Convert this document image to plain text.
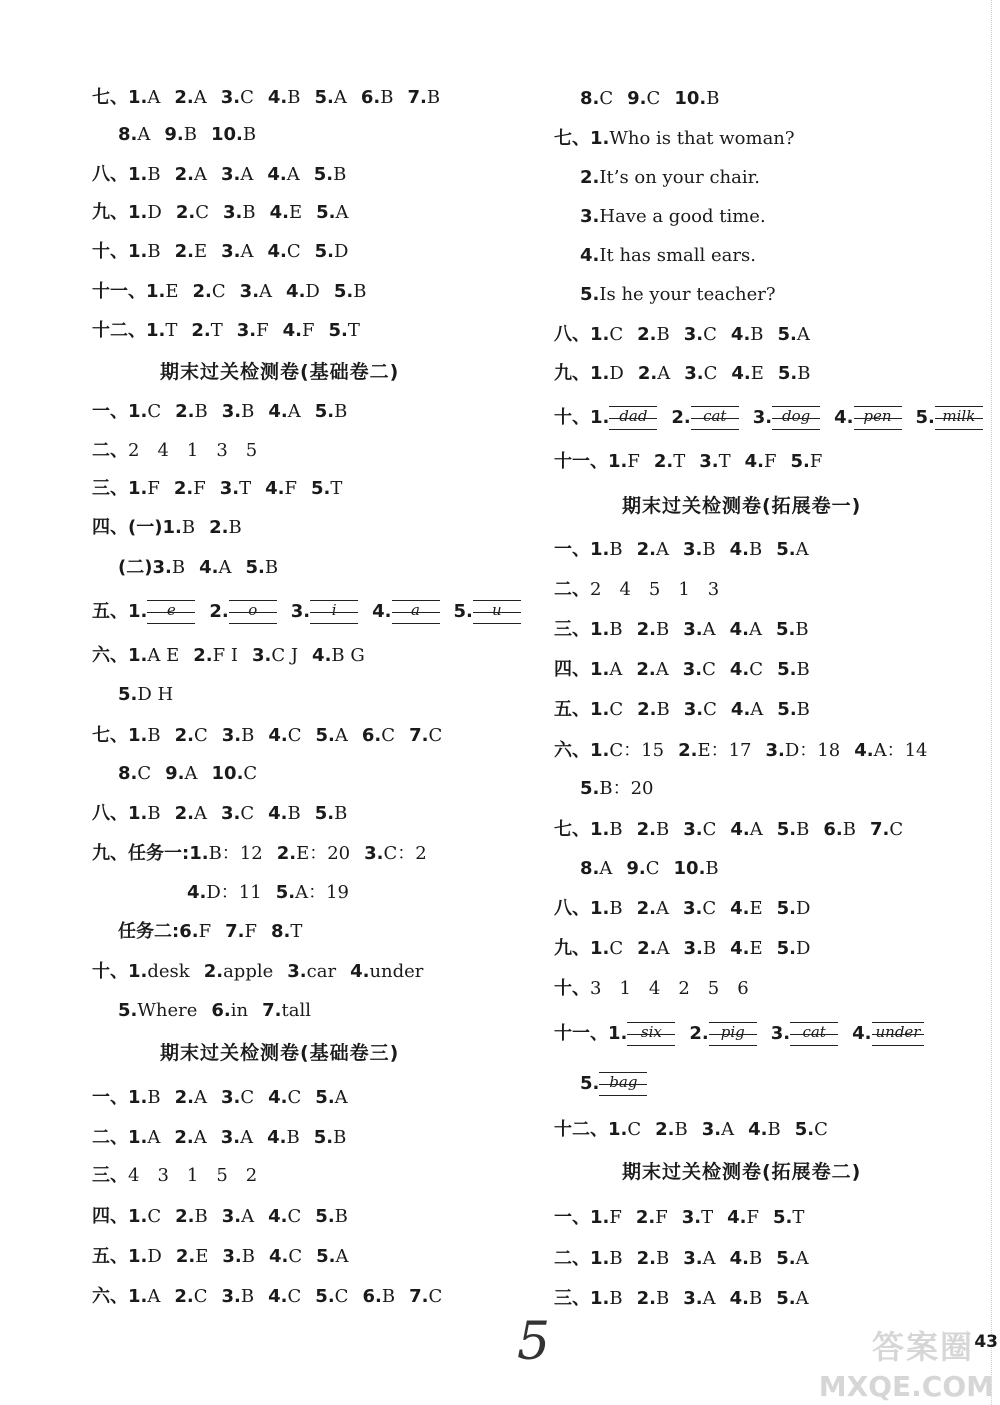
七、1.A 2.A 3.C 4.B 5.A 6.B 7.B
8.A 9.B 10.B
八、1.B 2.A 3.A 4.A 5.B
九、1.D 2.C 3.B 4.E 5.A
十、1.B 2.E 3.A 4.C 5.D
十一、1.E 2.C 3.A 4.D 5.B
十二、1.T 2.T 3.F 4.F 5.T
期末过关检测卷(基础卷二)
一、1.C 2.B 3.B 4.A 5.B
二、2　4　1　3　5
三、1.F 2.F 3.T 4.F 5.T
四、(一)1.B 2.B
(二)3.B 4.A 5.B
五、1. e 2. o 3. i 4. a 5. u
六、1.A E 2.F I 3.C J 4.B G
5.D H
七、1.B 2.C 3.B 4.C 5.A 6.C 7.C
8.C 9.A 10.C
八、1.B 2.A 3.C 4.B 5.B
九、任务一:1.B：12 2.E：20 3.C：2
4.D：11 5.A：19
任务二:6.F 7.F 8.T
十、1.desk 2.apple 3.car 4.under
5.Where 6.in 7.tall
期末过关检测卷(基础卷三)
一、1.B 2.A 3.C 4.C 5.A
二、1.A 2.A 3.A 4.B 5.B
三、4　3　1　5　2
四、1.C 2.B 3.A 4.C 5.B
五、1.D 2.E 3.B 4.C 5.A
六、1.A 2.C 3.B 4.C 5.C 6.B 7.C
8.C 9.C 10.B
七、1.Who is that woman?
2.It’s on your chair.
3.Have a good time.
4.It has small ears.
5.Is he your teacher?
八、1.C 2.B 3.C 4.B 5.A
九、1.D 2.A 3.C 4.E 5.B
十、1. dad 2. cat 3. dog 4. pen 5. milk
十一、1.F 2.T 3.T 4.F 5.F
期末过关检测卷(拓展卷一)
一、1.B 2.A 3.B 4.B 5.A
二、2　4　5　1　3
三、1.B 2.B 3.A 4.A 5.B
四、1.A 2.A 3.C 4.C 5.B
五、1.C 2.B 3.C 4.A 5.B
六、1.C：15 2.E：17 3.D：18 4.A：14
5.B：20
七、1.B 2.B 3.C 4.A 5.B 6.B 7.C
8.A 9.C 10.B
八、1.B 2.A 3.C 4.E 5.D
九、1.C 2.A 3.B 4.E 5.D
十、3　1　4　2　5　6
十一、1. six 2. pig 3. cat 4. under
5. bag
十二、1.C 2.B 3.A 4.B 5.C
期末过关检测卷(拓展卷二)
一、1.F 2.F 3.T 4.F 5.T
二、1.B 2.B 3.A 4.B 5.A
三、1.B 2.B 3.A 4.B 5.A
5	答案圈
MXQE.COM
43
